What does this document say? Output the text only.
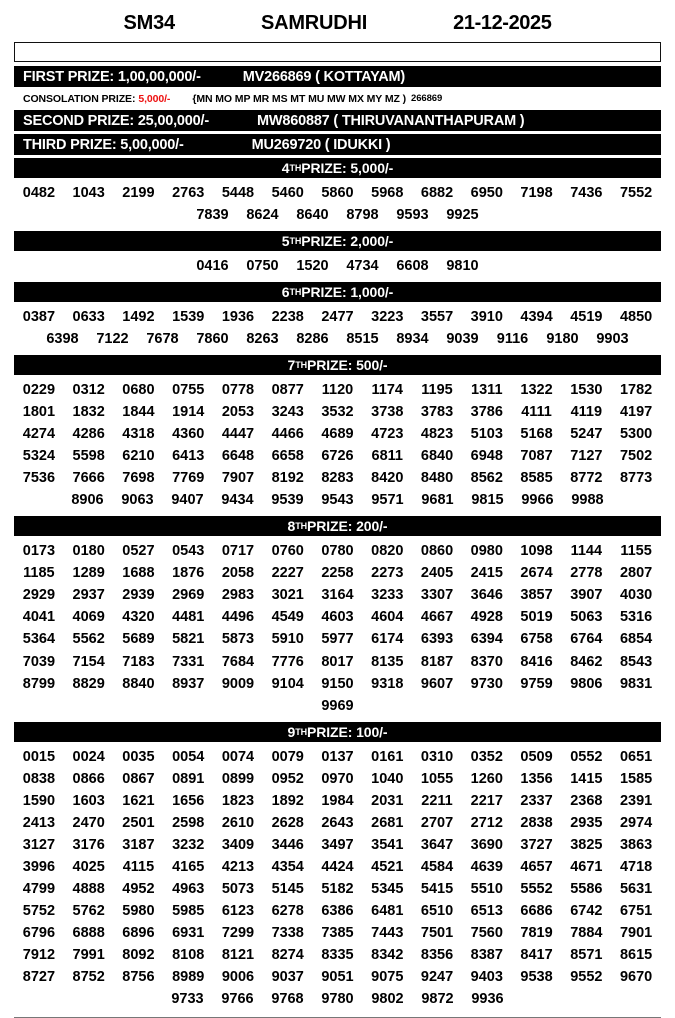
SM34	SAMRUDHI	21-12-2025
FIRST PRIZE: 1,00,00,000/-	MV266869 ( KOTTAYAM)
CONSOLATION PRIZE: 5,000/- {MN MO MP MR MS MT MU MW MX MY MZ ) 266869
SECOND PRIZE: 25,00,000/-	MW860887 ( THIRUVANANTHAPURAM )
THIRD PRIZE: 5,00,000/-	MU269720 ( IDUKKI )
4 TH PRIZE: 5,000/-
0482	1043	2199	2763	5448	5460	5860	5968	6882	6950	7198	7436	7552
7839	8624	8640	8798	9593	9925
5 TH PRIZE: 2,000/-
0416	0750	1520	4734	6608	9810
6 TH PRIZE: 1,000/-
0387	0633	1492	1539	1936	2238	2477	3223	3557	3910	4394	4519	4850
6398	7122	7678	7860	8263	8286	8515	8934	9039	9116	9180	9903
7 TH PRIZE: 500/-
0229	0312	0680	0755	0778	0877	1120	1174	1195	1311	1322	1530	1782
1801	1832	1844	1914	2053	3243	3532	3738	3783	3786	4111	4119	4197
4274	4286	4318	4360	4447	4466	4689	4723	4823	5103	5168	5247	5300
5324	5598	6210	6413	6648	6658	6726	6811	6840	6948	7087	7127	7502
7536	7666	7698	7769	7907	8192	8283	8420	8480	8562	8585	8772	8773
8906	9063	9407	9434	9539	9543	9571	9681	9815	9966	9988
8 TH PRIZE: 200/-
0173	0180	0527	0543	0717	0760	0780	0820	0860	0980	1098	1144	1155
1185	1289	1688	1876	2058	2227	2258	2273	2405	2415	2674	2778	2807
2929	2937	2939	2969	2983	3021	3164	3233	3307	3646	3857	3907	4030
4041	4069	4320	4481	4496	4549	4603	4604	4667	4928	5019	5063	5316
5364	5562	5689	5821	5873	5910	5977	6174	6393	6394	6758	6764	6854
7039	7154	7183	7331	7684	7776	8017	8135	8187	8370	8416	8462	8543
8799	8829	8840	8937	9009	9104	9150	9318	9607	9730	9759	9806	9831
9969
9 TH PRIZE: 100/-
0015	0024	0035	0054	0074	0079	0137	0161	0310	0352	0509	0552	0651
0838	0866	0867	0891	0899	0952	0970	1040	1055	1260	1356	1415	1585
1590	1603	1621	1656	1823	1892	1984	2031	2211	2217	2337	2368	2391
2413	2470	2501	2598	2610	2628	2643	2681	2707	2712	2838	2935	2974
3127	3176	3187	3232	3409	3446	3497	3541	3647	3690	3727	3825	3863
3996	4025	4115	4165	4213	4354	4424	4521	4584	4639	4657	4671	4718
4799	4888	4952	4963	5073	5145	5182	5345	5415	5510	5552	5586	5631
5752	5762	5980	5985	6123	6278	6386	6481	6510	6513	6686	6742	6751
6796	6888	6896	6931	7299	7338	7385	7443	7501	7560	7819	7884	7901
7912	7991	8092	8108	8121	8274	8335	8342	8356	8387	8417	8571	8615
8727	8752	8756	8989	9006	9037	9051	9075	9247	9403	9538	9552	9670
9733	9766	9768	9780	9802	9872	9936
